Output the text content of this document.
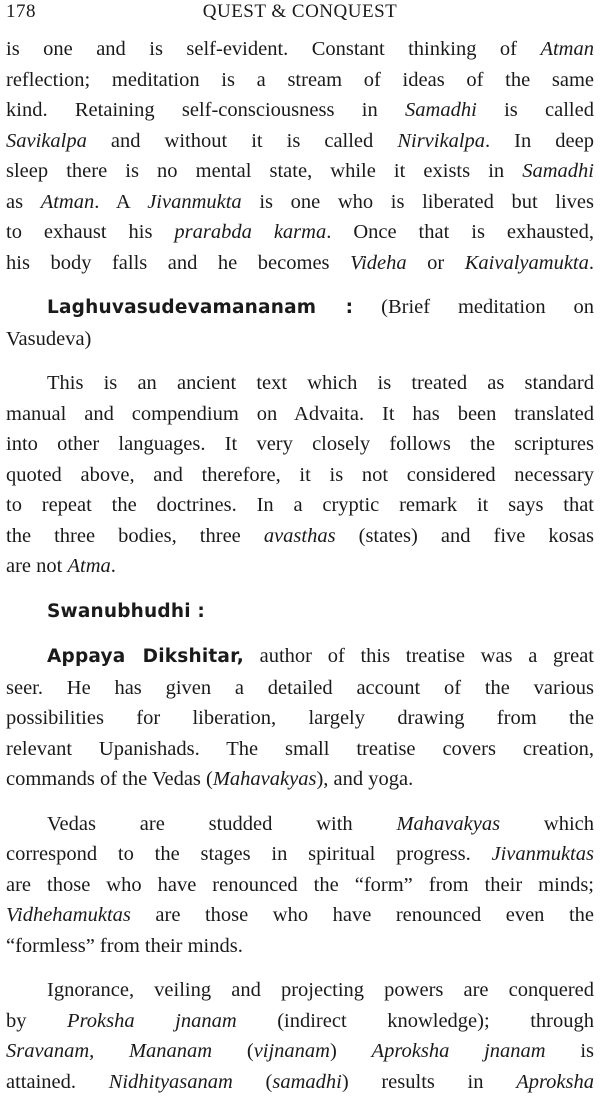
178	QUEST & CONQUEST

is one and is self-evident. Constant thinking of Atman

reflection; meditation is a stream of ideas of the same

kind. Retaining self-consciousness in Samadhi is called

Savikalpa and without it is called Nirvikalpa. In deep

sleep there is no mental state, while it exists in Samadhi

as Atman. A Jivanmukta is one who is liberated but lives

to exhaust his prarabda karma. Once that is exhausted,

his body falls and he becomes Videha or Kaivalyamukta.

Laghuvasudevamananam : (Brief meditation on

Vasudeva)

This is an ancient text which is treated as standard

manual and compendium on Advaita. It has been translated

into other languages. It very closely follows the scriptures

quoted above, and therefore, it is not considered necessary

to repeat the doctrines. In a cryptic remark it says that

the three bodies, three avasthas (states) and five kosas

are not Atma.

Swanubhudhi :

Appaya Dikshitar, author of this treatise was a great

seer. He has given a detailed account of the various

possibilities for liberation, largely drawing from the

relevant Upanishads. The small treatise covers creation,

commands of the Vedas (Mahavakyas), and yoga.

Vedas are studded with Mahavakyas which

correspond to the stages in spiritual progress. Jivanmuktas

are those who have renounced the “form” from their minds;

Vidhehamuktas are those who have renounced even the

“formless” from their minds.

Ignorance, veiling and projecting powers are conquered

by Proksha jnanam (indirect knowledge); through

Sravanam, Mananam (vijnanam) Aproksha jnanam is

attained. Nidhityasanam (samadhi) results in Aproksha
